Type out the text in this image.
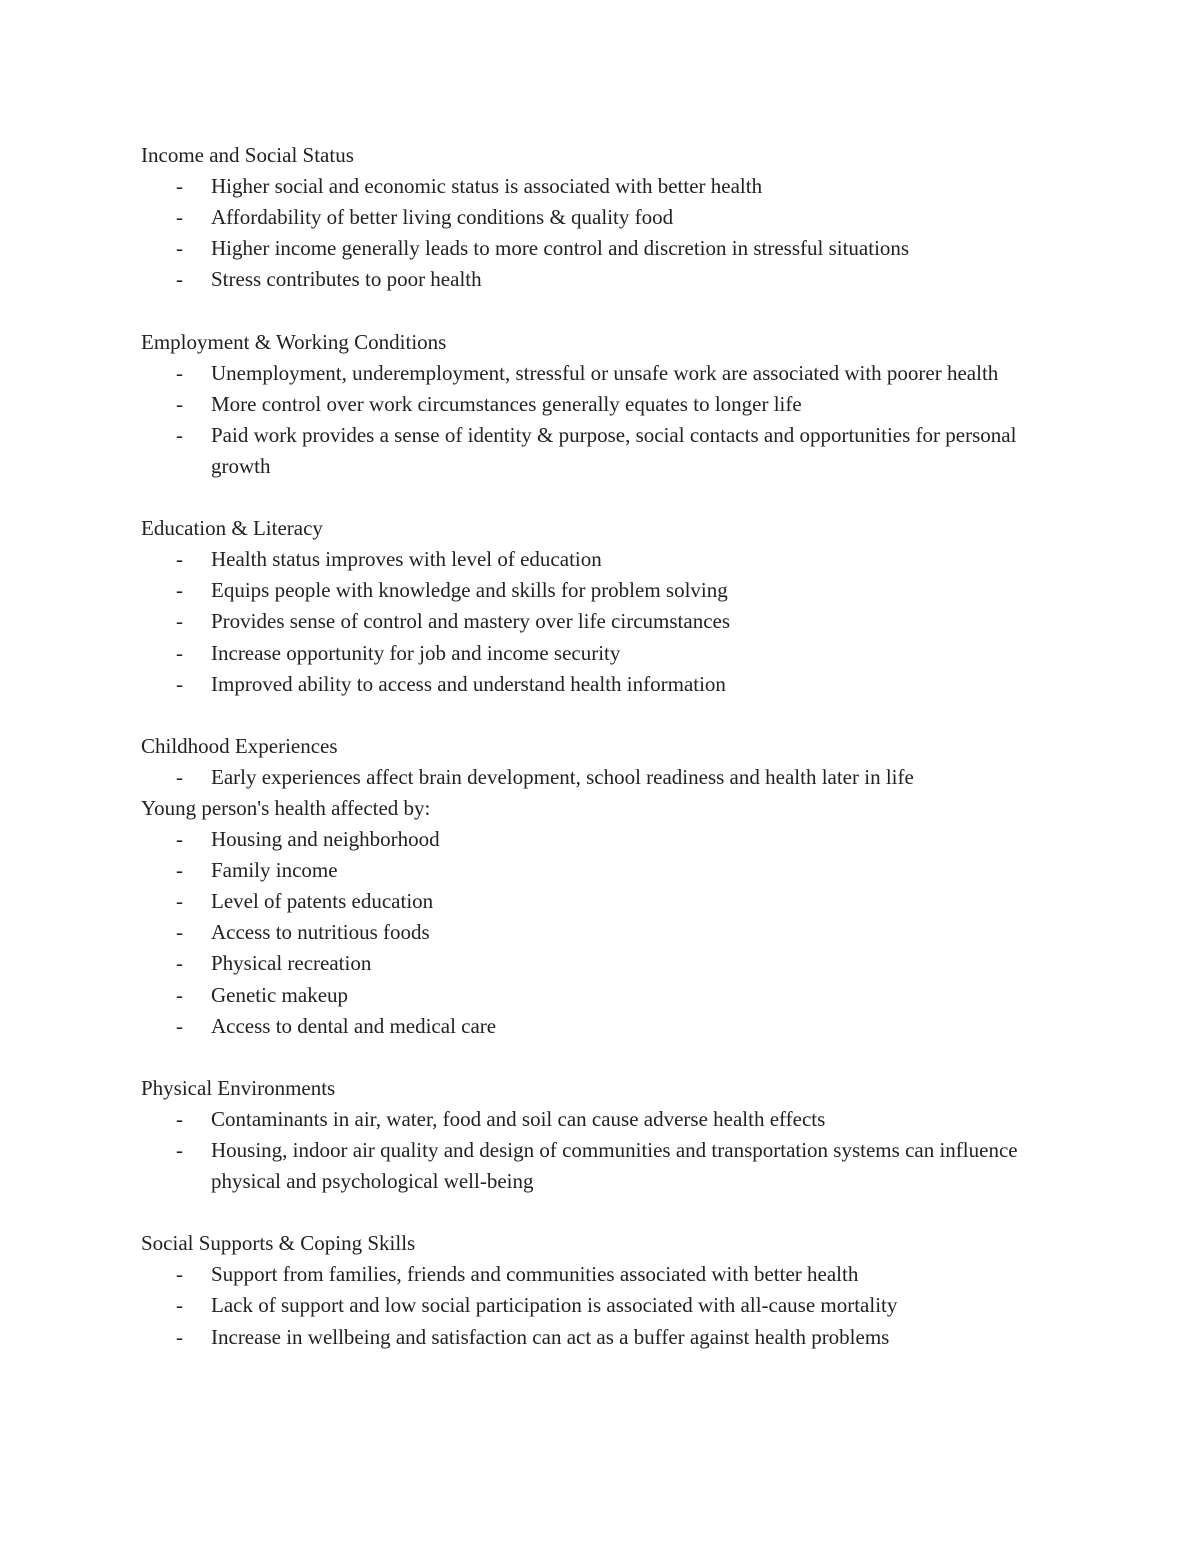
Income and Social Status

- Higher social and economic status is associated with better health
- Affordability of better living conditions & quality food
- Higher income generally leads to more control and discretion in stressful situations
- Stress contributes to poor health

Employment & Working Conditions

- Unemployment, underemployment, stressful or unsafe work are associated with poorer health
- More control over work circumstances generally equates to longer life
- Paid work provides a sense of identity & purpose, social contacts and opportunities for personal growth

Education & Literacy

- Health status improves with level of education
- Equips people with knowledge and skills for problem solving
- Provides sense of control and mastery over life circumstances
- Increase opportunity for job and income security
- Improved ability to access and understand health information

Childhood Experiences

- Early experiences affect brain development, school readiness and health later in life

Young person's health affected by:

- Housing and neighborhood
- Family income
- Level of patents education
- Access to nutritious foods
- Physical recreation
- Genetic makeup
- Access to dental and medical care

Physical Environments

- Contaminants in air, water, food and soil can cause adverse health effects
- Housing, indoor air quality and design of communities and transportation systems can influence physical and psychological well-being

Social Supports & Coping Skills

- Support from families, friends and communities associated with better health
- Lack of support and low social participation is associated with all-cause mortality
- Increase in wellbeing and satisfaction can act as a buffer against health problems
